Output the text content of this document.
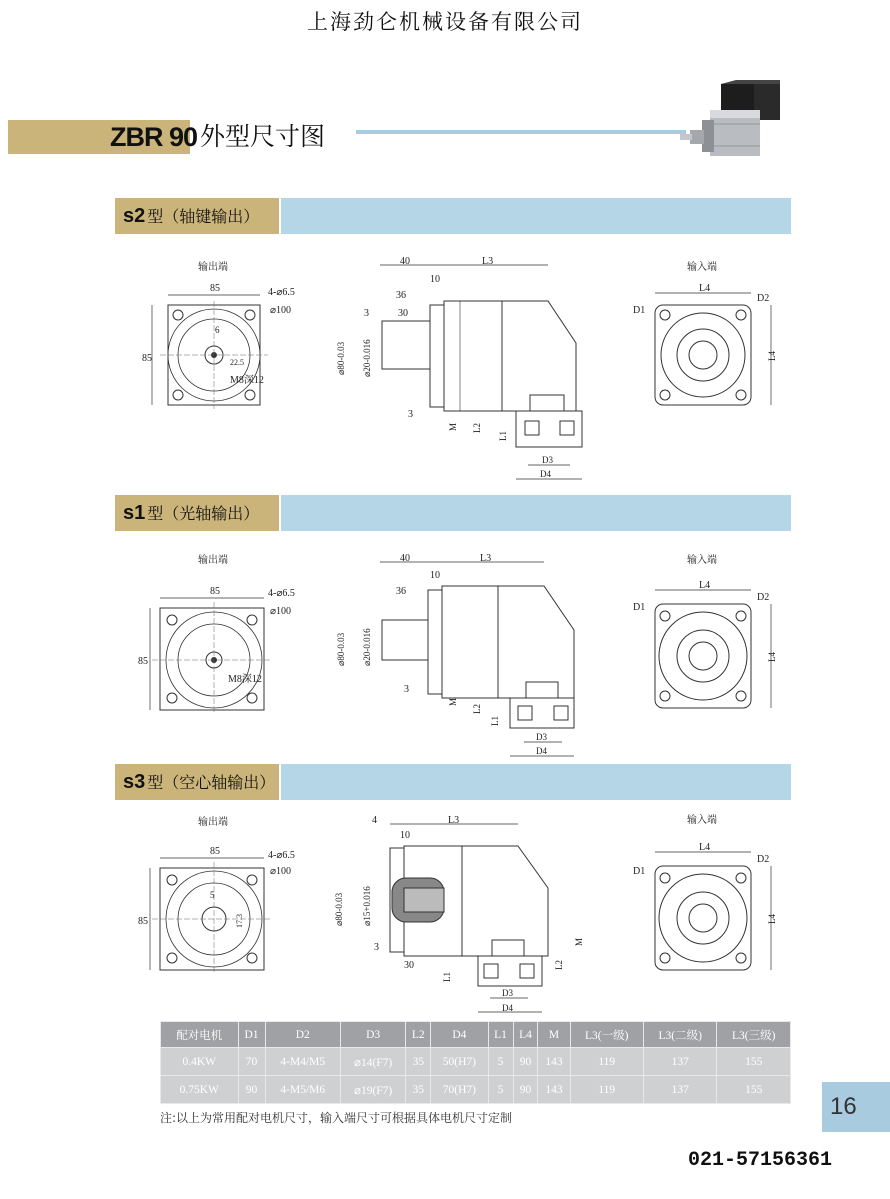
上海劲仑机械设备有限公司
ZBR 90 外型尺寸图
s2 型（轴键输出）
s1 型（光轴输出）
s3 型（空心轴输出）
输出端
85	4-⌀6.5
⌀100
6
22.5
M8深12
85
40	L3
10
36
30
3
⌀80-0.03 ⌀20-0.016
3
M L2
L1
D3
D4
输入端
L4
D1
D2
L4
输出端
85	4-⌀6.5
⌀100
M8深12
85
40	L3
10
36
⌀80-0.03 ⌀20-0.016
3
M
L2
L1
D3
D4
输入端
L4
D1
D2
L4
输出端
85	4-⌀6.5
⌀100
5
17.3
85
4	L3
10
⌀80-0.03 ⌀15+0.016
3
30
M
L2
L1
D3
D4
输入端
L4
D1
D2
L4
配对电机	D1	D2	D3	L2	D4	L1	L4	M	L3(一级)	L3(二级)	L3(三级)
0.4KW	70	4-M4/M5	⌀14(F7)	35	50(H7)	5	90	143	119	137	155
0.75KW	90	4-M5/M6	⌀19(F7)	35	70(H7)	5	90	143	119	137	155
注:以上为常用配对电机尺寸，输入端尺寸可根据具体电机尺寸定制	16
021-57156361
